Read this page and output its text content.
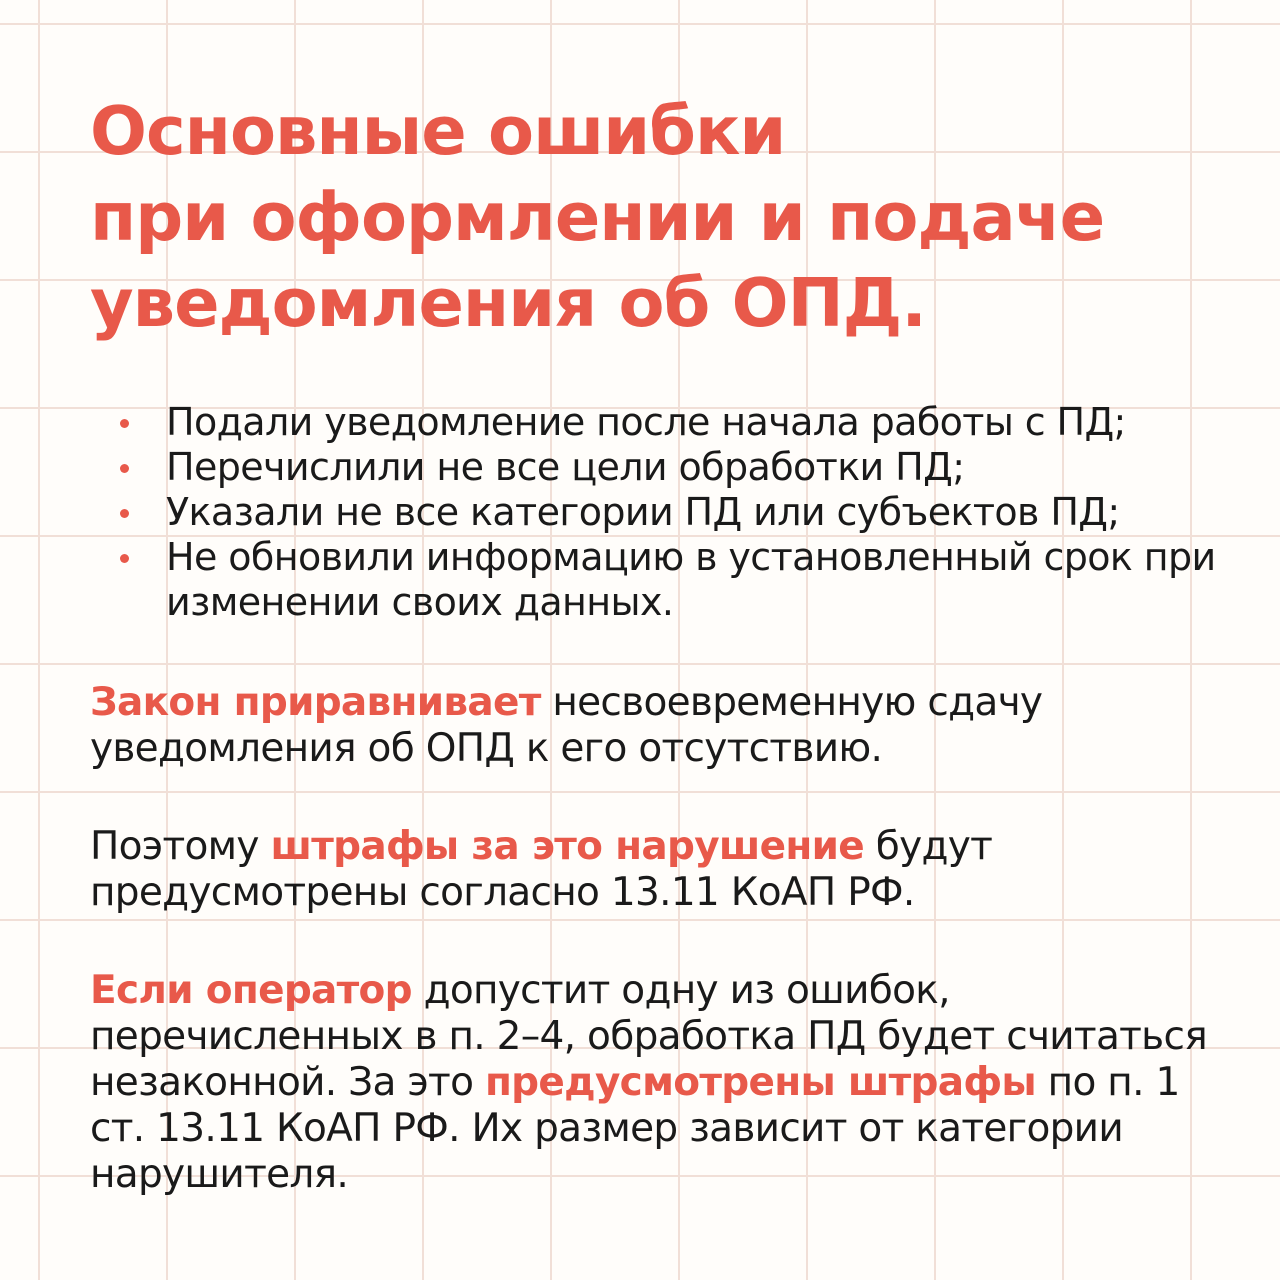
Основные ошибки
при оформлении и подаче
уведомления об ОПД.
Подали уведомление после начала работы с ПД;
Перечислили не все цели обработки ПД;
Указали не все категории ПД или субъектов ПД;
Не обновили информацию в установленный срок при изменении своих данных.

Закон приравнивает несвоевременную сдачу уведомления об ОПД к его отсутствию.

Поэтому штрафы за это нарушение будут предусмотрены согласно 13.11 КоАП РФ.

Если оператор допустит одну из ошибок, перечисленных в п. 2–4, обработка ПД будет считаться незаконной. За это предусмотрены штрафы по п. 1 ст. 13.11 КоАП РФ. Их размер зависит от категории нарушителя.
